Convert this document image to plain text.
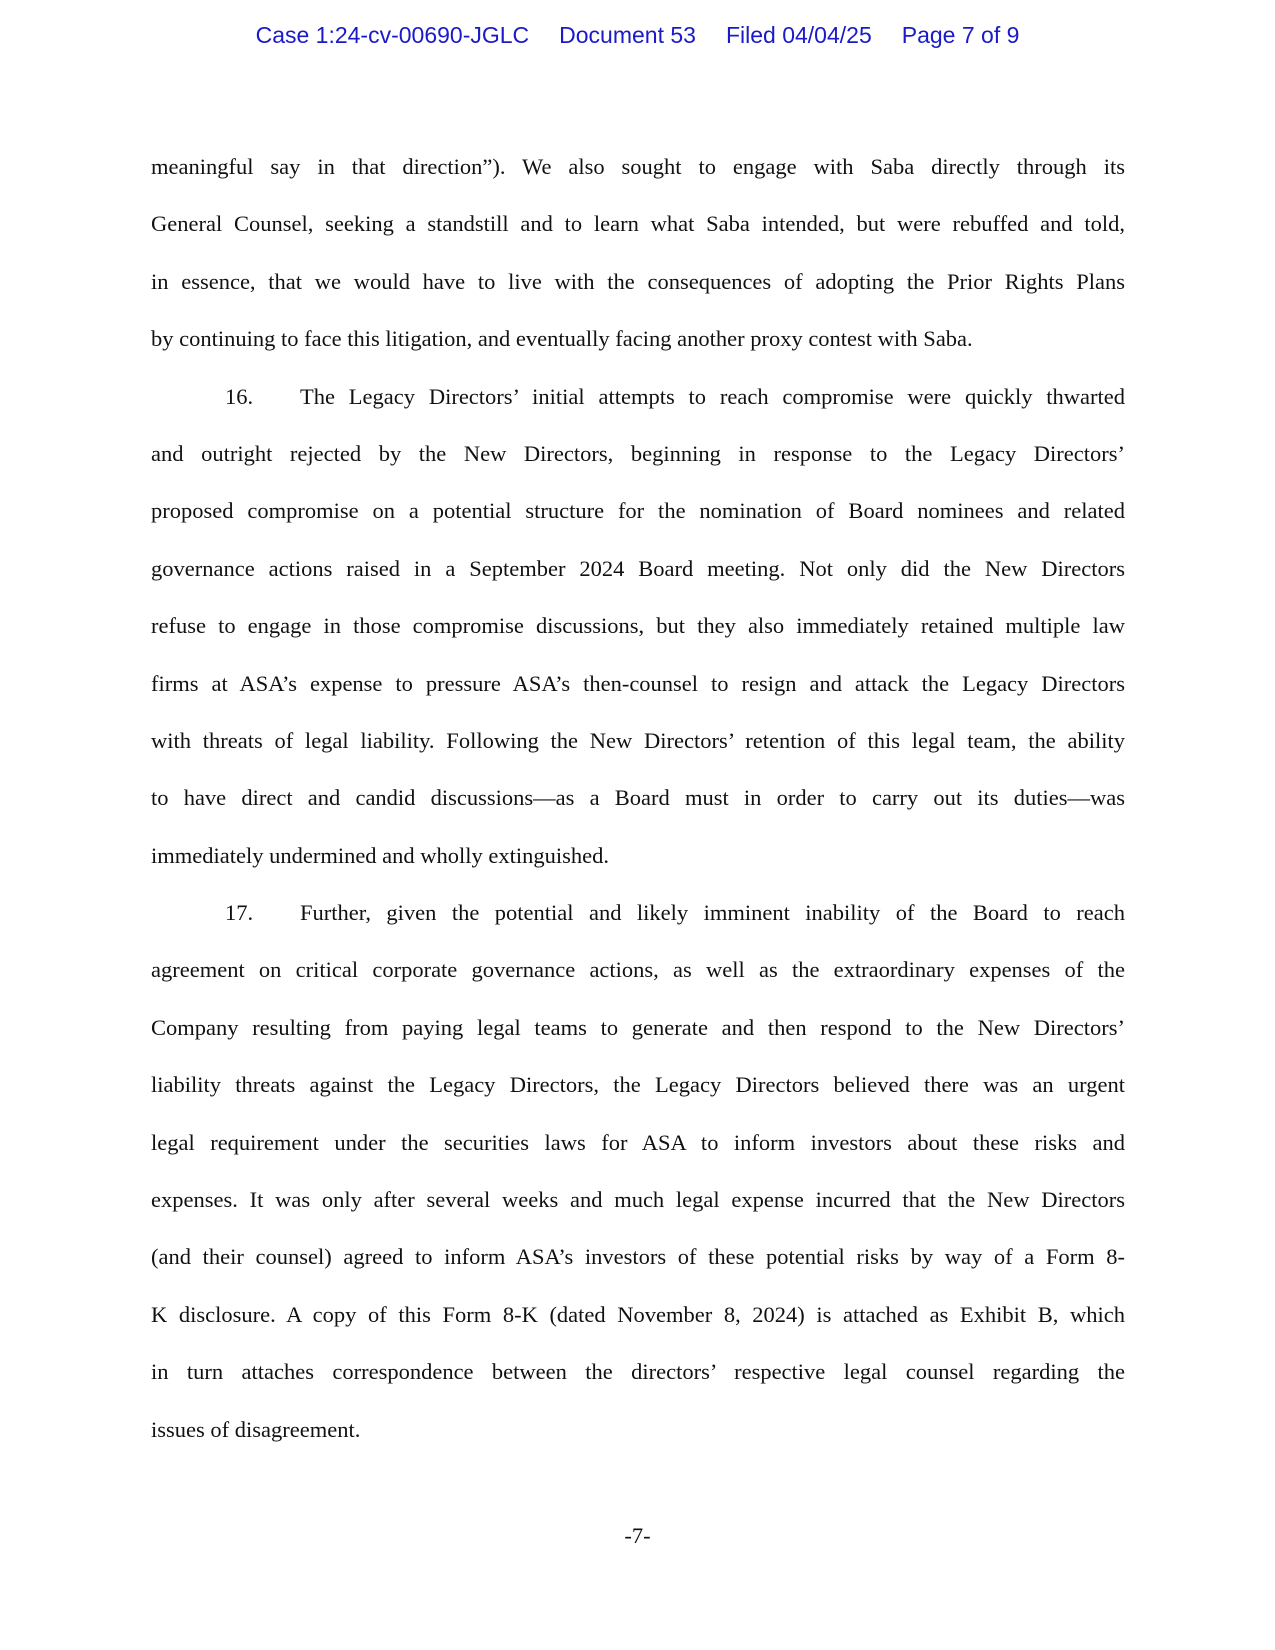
Case 1:24-cv-00690-JGLC Document 53 Filed 04/04/25 Page 7 of 9
meaningful say in that direction”). We also sought to engage with Saba directly through its
General Counsel, seeking a standstill and to learn what Saba intended, but were rebuffed and told,
in essence, that we would have to live with the consequences of adopting the Prior Rights Plans
by continuing to face this litigation, and eventually facing another proxy contest with Saba.
16. The Legacy Directors’ initial attempts to reach compromise were quickly thwarted
and outright rejected by the New Directors, beginning in response to the Legacy Directors’
proposed compromise on a potential structure for the nomination of Board nominees and related
governance actions raised in a September 2024 Board meeting. Not only did the New Directors
refuse to engage in those compromise discussions, but they also immediately retained multiple law
firms at ASA’s expense to pressure ASA’s then-counsel to resign and attack the Legacy Directors
with threats of legal liability. Following the New Directors’ retention of this legal team, the ability
to have direct and candid discussions—as a Board must in order to carry out its duties—was
immediately undermined and wholly extinguished.
17. Further, given the potential and likely imminent inability of the Board to reach
agreement on critical corporate governance actions, as well as the extraordinary expenses of the
Company resulting from paying legal teams to generate and then respond to the New Directors’
liability threats against the Legacy Directors, the Legacy Directors believed there was an urgent
legal requirement under the securities laws for ASA to inform investors about these risks and
expenses. It was only after several weeks and much legal expense incurred that the New Directors
(and their counsel) agreed to inform ASA’s investors of these potential risks by way of a Form 8-
K disclosure. A copy of this Form 8-K (dated November 8, 2024) is attached as Exhibit B, which
in turn attaches correspondence between the directors’ respective legal counsel regarding the
issues of disagreement.
-7-
